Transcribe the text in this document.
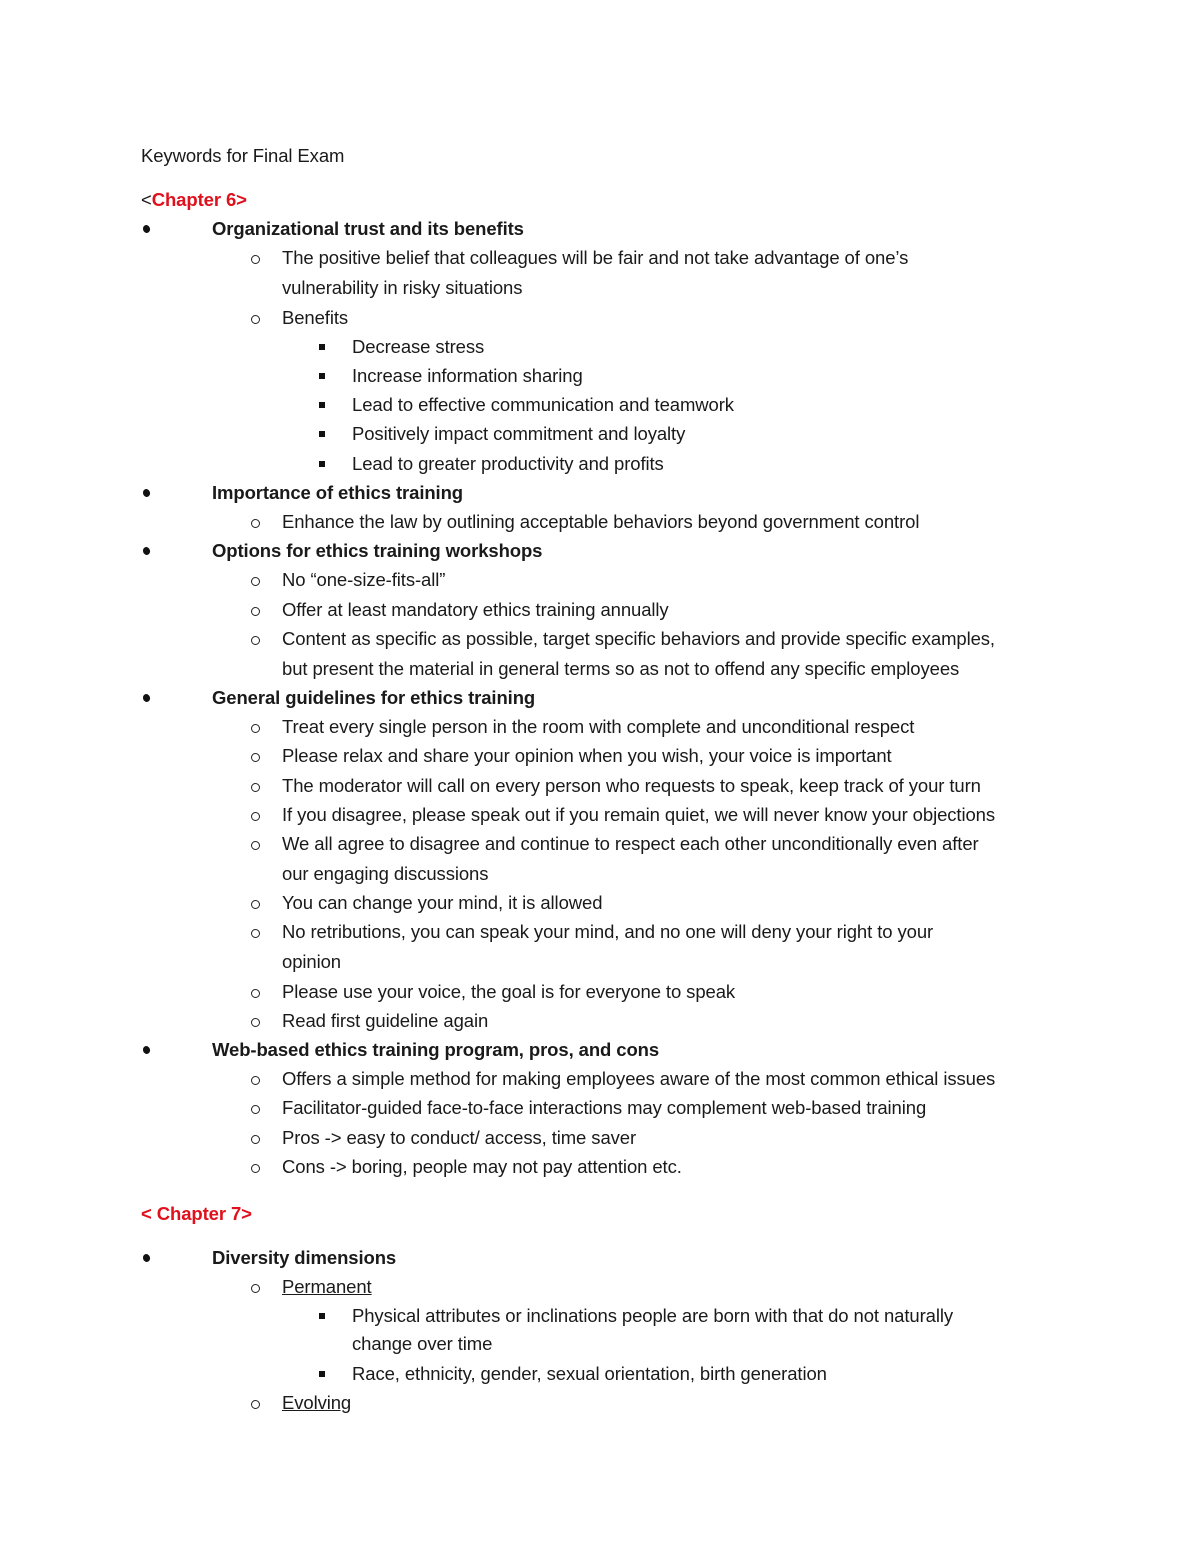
Keywords for Final Exam
<Chapter 6>
Organizational trust and its benefits
The positive belief that colleagues will be fair and not take advantage of one’s
vulnerability in risky situations
Benefits
Decrease stress
Increase information sharing
Lead to effective communication and teamwork
Positively impact commitment and loyalty
Lead to greater productivity and profits
Importance of ethics training
Enhance the law by outlining acceptable behaviors beyond government control
Options for ethics training workshops
No “one-size-fits-all”
Offer at least mandatory ethics training annually
Content as specific as possible, target specific behaviors and provide specific examples,
but present the material in general terms so as not to offend any specific employees
General guidelines for ethics training
Treat every single person in the room with complete and unconditional respect
Please relax and share your opinion when you wish, your voice is important
The moderator will call on every person who requests to speak, keep track of your turn
If you disagree, please speak out if you remain quiet, we will never know your objections
We all agree to disagree and continue to respect each other unconditionally even after
our engaging discussions
You can change your mind, it is allowed
No retributions, you can speak your mind, and no one will deny your right to your
opinion
Please use your voice, the goal is for everyone to speak
Read first guideline again
Web-based ethics training program, pros, and cons
Offers a simple method for making employees aware of the most common ethical issues
Facilitator-guided face-to-face interactions may complement web-based training
Pros -> easy to conduct/ access, time saver
Cons -> boring, people may not pay attention etc.
< Chapter 7>
Diversity dimensions
Permanent
Physical attributes or inclinations people are born with that do not naturally
change over time
Race, ethnicity, gender, sexual orientation, birth generation
Evolving
